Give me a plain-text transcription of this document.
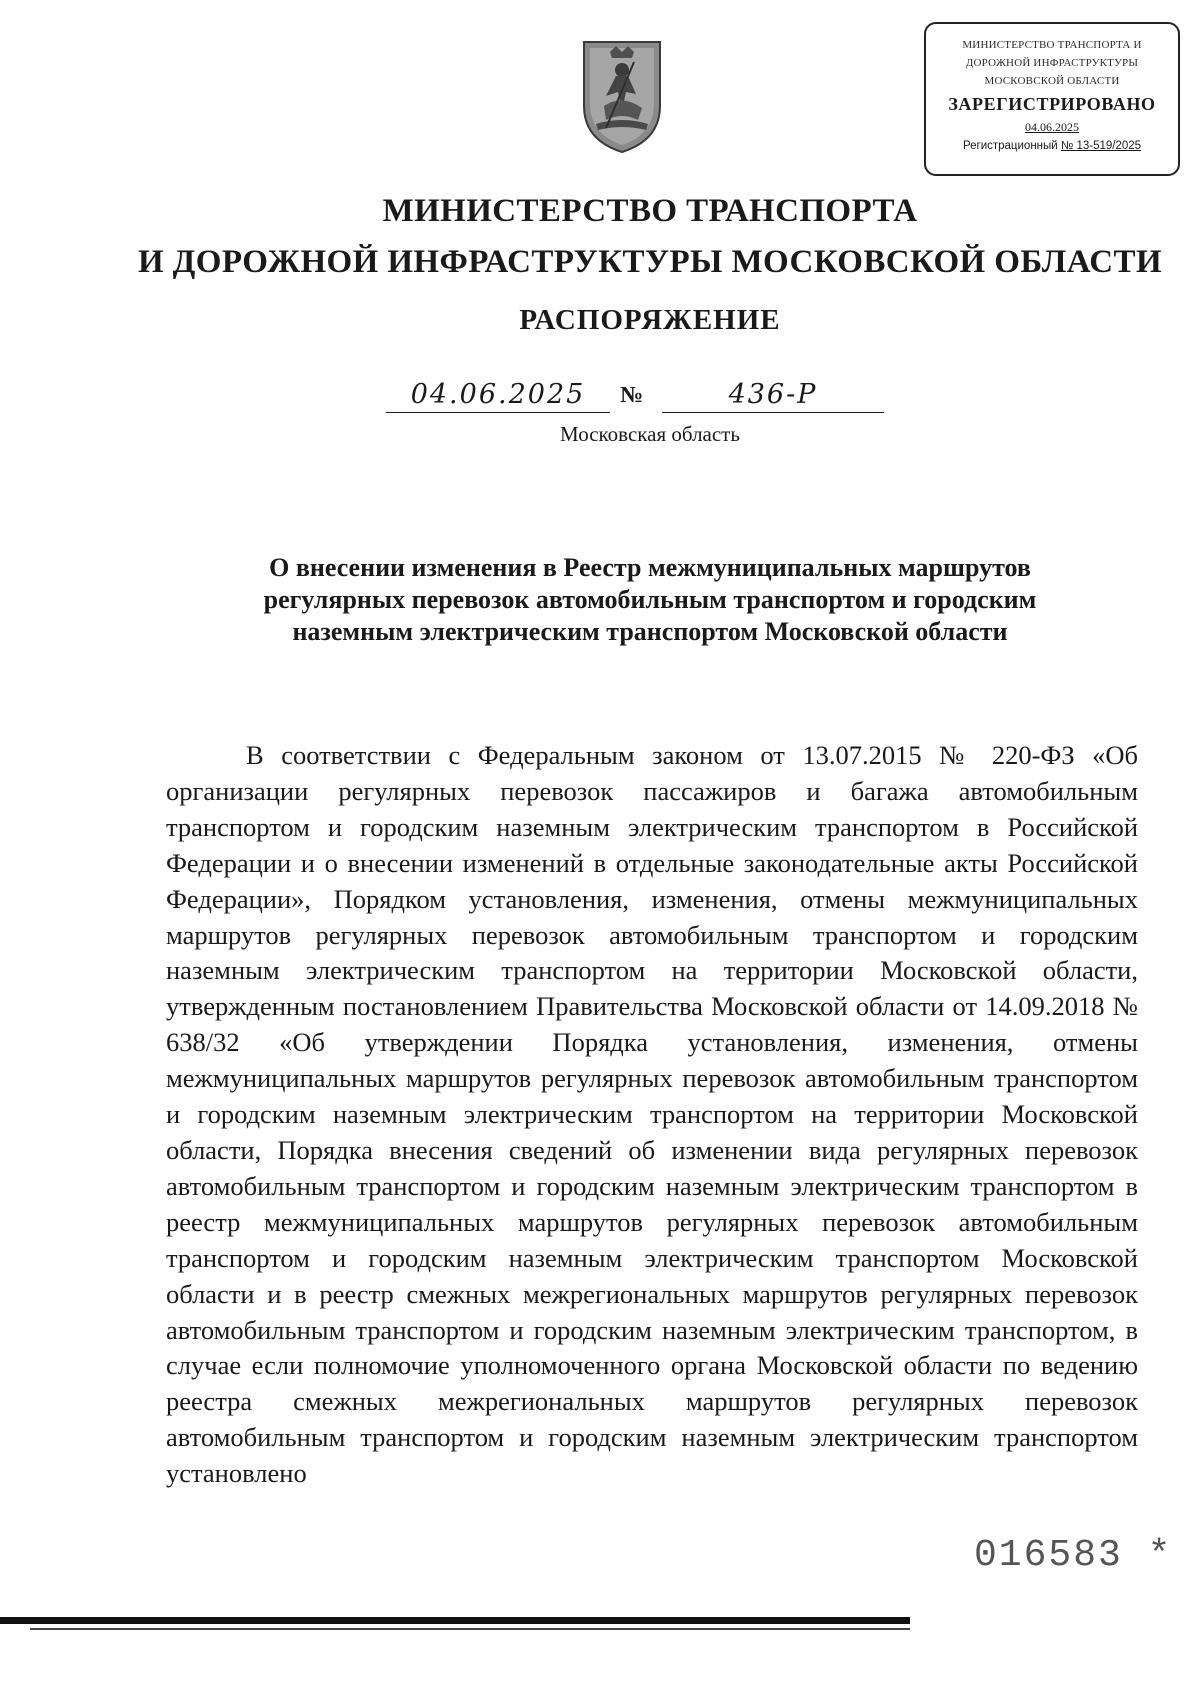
МИНИСТЕРСТВО ТРАНСПОРТА И
ДОРОЖНОЙ ИНФРАСТРУКТУРЫ
МОСКОВСКОЙ ОБЛАСТИ
ЗАРЕГИСТРИРОВАНО
04.06.2025
Регистрационный № 13-519/2025
МИНИСТЕРСТВО ТРАНСПОРТА
И ДОРОЖНОЙ ИНФРАСТРУКТУРЫ МОСКОВСКОЙ ОБЛАСТИ
РАСПОРЯЖЕНИЕ
04.06.2025	№	436-Р
Московская область
О внесении изменения в Реестр межмуниципальных маршрутов
регулярных перевозок автомобильным транспортом и городским
наземным электрическим транспортом Московской области
В соответствии с Федеральным законом от 13.07.2015 № 220-ФЗ «Об организации регулярных перевозок пассажиров и багажа автомобильным транспортом и городским наземным электрическим транспортом в Российской Федерации и о внесении изменений в отдельные законодательные акты Российской Федерации», Порядком установления, изменения, отмены межмуниципальных маршрутов регулярных перевозок автомобильным транспортом и городским наземным электрическим транспортом на территории Московской области, утвержденным постановлением Правительства Московской области от 14.09.2018 № 638/32 «Об утверждении Порядка установления, изменения, отмены межмуниципальных маршрутов регулярных перевозок автомобильным транспортом и городским наземным электрическим транспортом на территории Московской области, Порядка внесения сведений об изменении вида регулярных перевозок автомобильным транспортом и городским наземным электрическим транспортом в реестр межмуниципальных маршрутов регулярных перевозок автомобильным транспортом и городским наземным электрическим транспортом Московской области и в реестр смежных межрегиональных маршрутов регулярных перевозок автомобильным транспортом и городским наземным электрическим транспортом, в случае если полномочие уполномоченного органа Московской области по ведению реестра смежных межрегиональных маршрутов регулярных перевозок автомобильным транспортом и городским наземным электрическим транспортом установлено
016583 *
